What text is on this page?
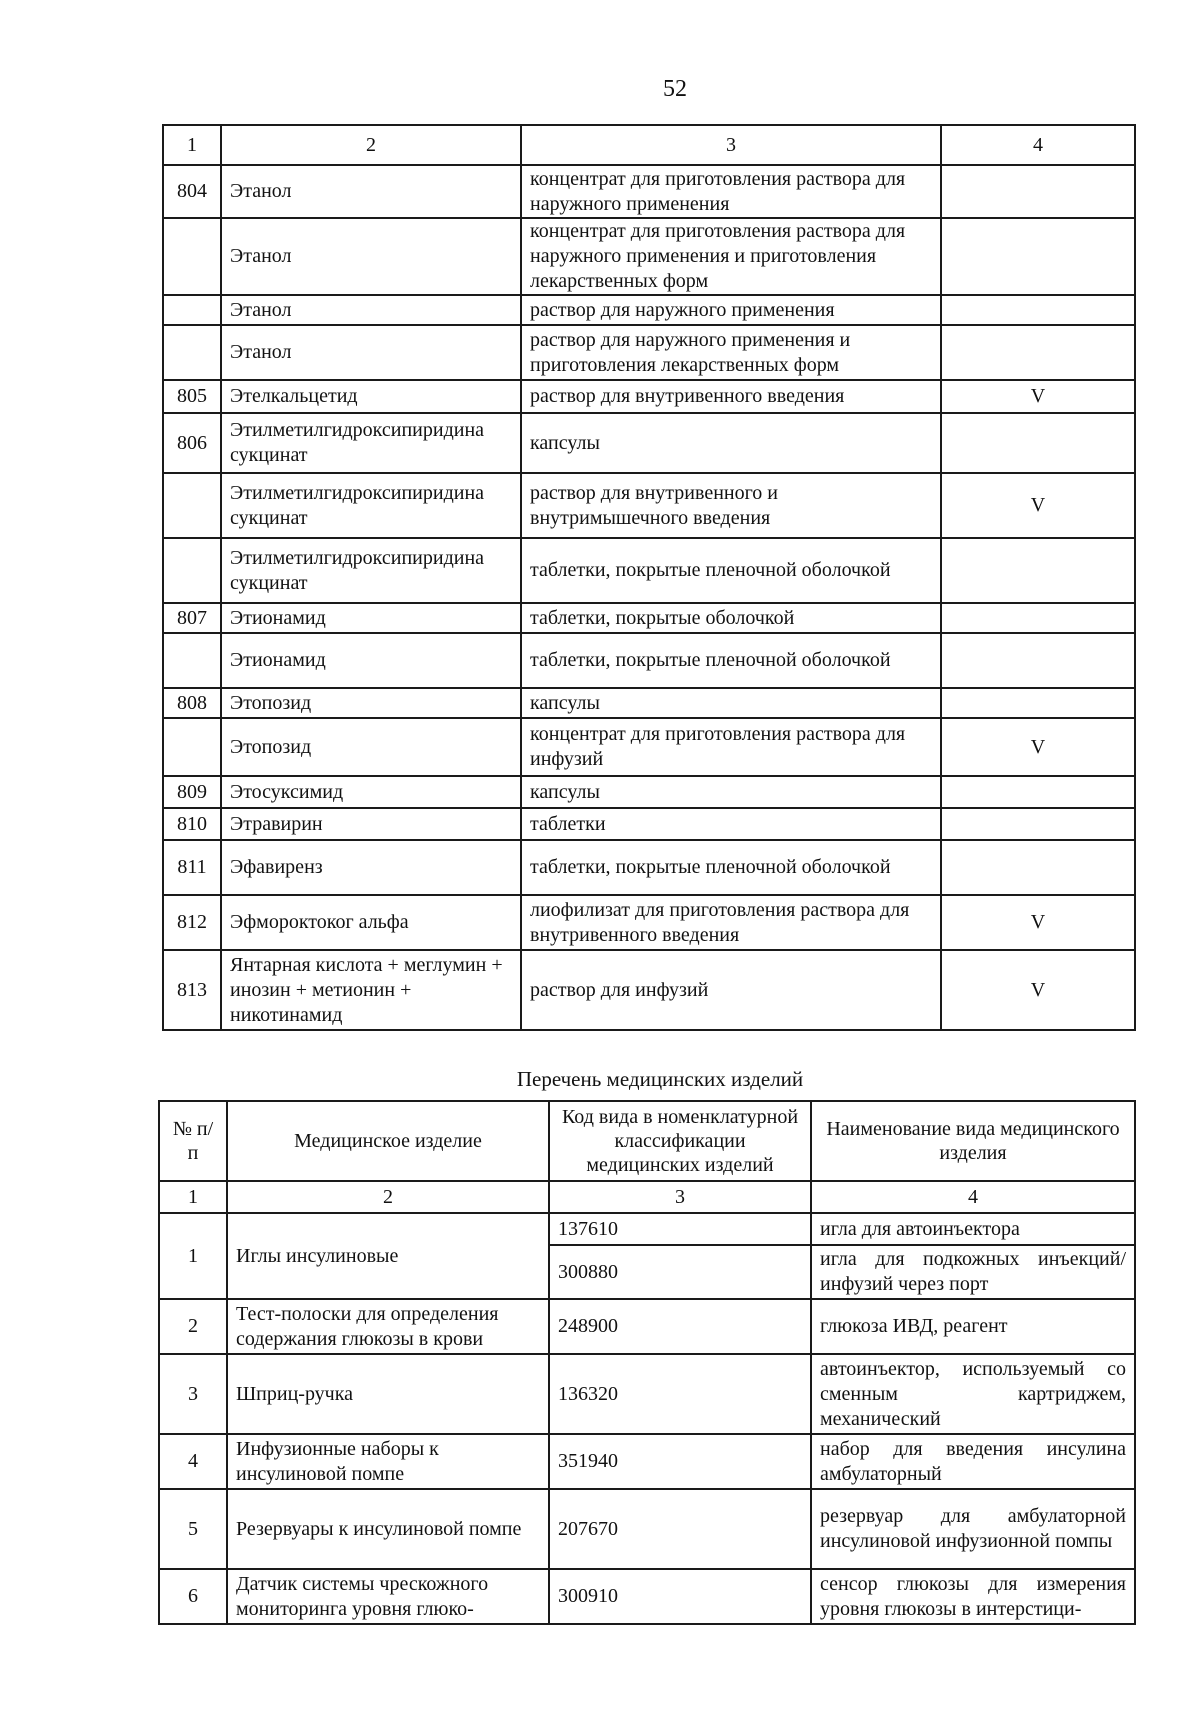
52
1	2	3	4
804	Этанол	концентрат для приготовления раствора для наружного применения	
	Этанол	концентрат для приготовления раствора для наружного применения и приготовления лекарственных форм	
	Этанол	раствор для наружного применения	
	Этанол	раствор для наружного применения и приготовления лекарственных форм	
805	Этелкальцетид	раствор для внутривенного введения	V
806	Этилметилгидроксипиридина сукцинат	капсулы	
	Этилметилгидроксипиридина сукцинат	раствор для внутривенного и внутримышечного введения	V
	Этилметилгидроксипиридина сукцинат	таблетки, покрытые пленочной оболочкой	
807	Этионамид	таблетки, покрытые оболочкой	
	Этионамид	таблетки, покрытые пленочной оболочкой	
808	Этопозид	капсулы	
	Этопозид	концентрат для приготовления раствора для инфузий	V
809	Этосуксимид	капсулы	
810	Этравирин	таблетки	
811	Эфавиренз	таблетки, покрытые пленочной оболочкой	
812	Эфмороктоког альфа	лиофилизат для приготовления раствора для внутривенного введения	V
813	Янтарная кислота + меглумин + инозин + метионин + никотинамид	раствор для инфузий	V
Перечень медицинских изделий
№ п/п	Медицинское изделие	Код вида в номенклатурной классификации медицинских изделий	Наименование вида медицинского изделия
1	2	3	4
1	Иглы инсулиновые	137610	игла для автоинъектора
		300880	игла для подкожных инъекций/инфузий через порт
2	Тест-полоски для определения содержания глюкозы в крови	248900	глюкоза ИВД, реагент
3	Шприц-ручка	136320	автоинъектор, используемый со сменным картриджем, механический
4	Инфузионные наборы к инсулиновой помпе	351940	набор для введения инсулина амбулаторный
5	Резервуары к инсулиновой помпе	207670	резервуар для амбулаторной инсулиновой инфузионной помпы
6	Датчик системы чрескожного мониторинга уровня глюко-	300910	сенсор глюкозы для измерения уровня глюкозы в интерстици-
